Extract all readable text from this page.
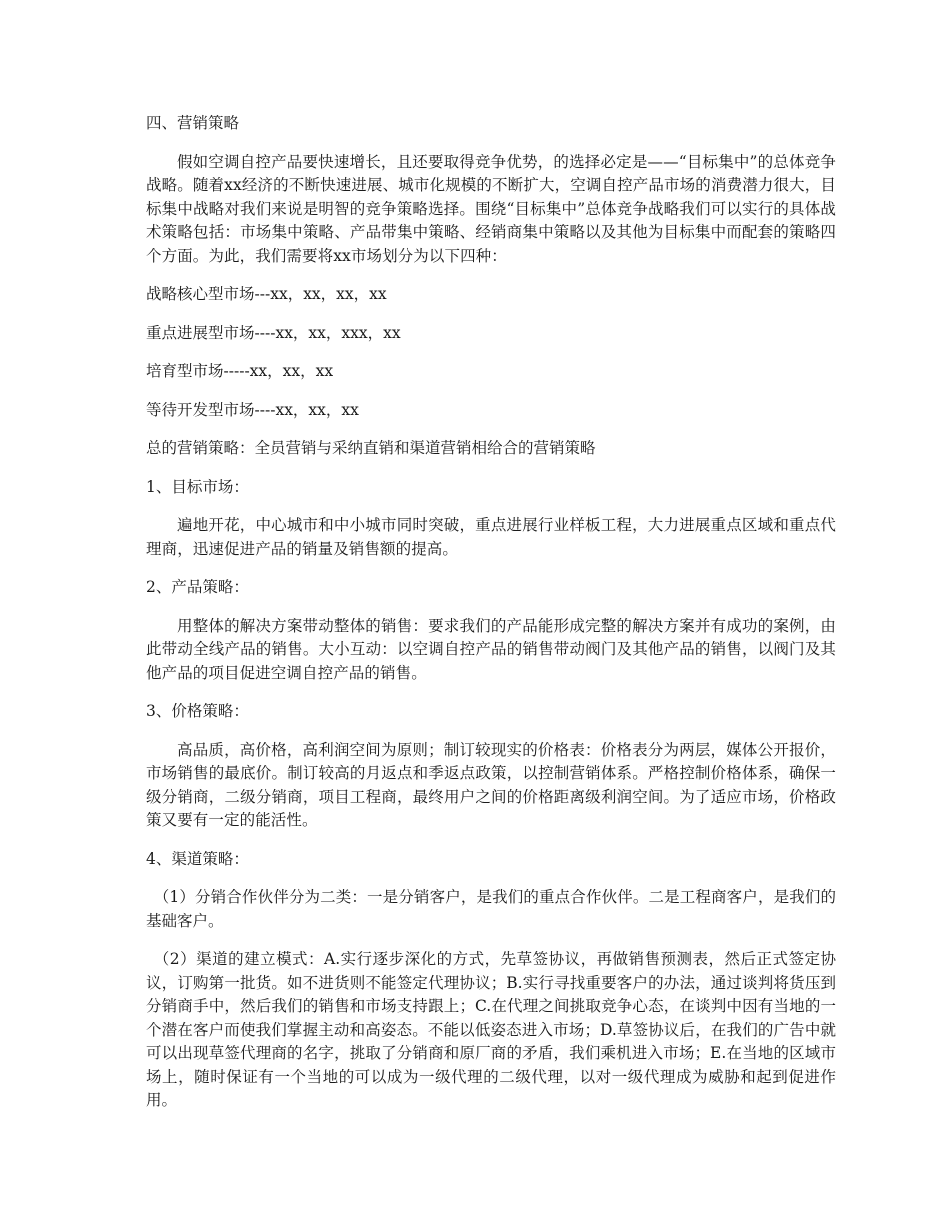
四、营销策略

假如空调自控产品要快速增长，且还要取得竞争优势，的选择必定是——“目标集中”的总体竞争战略。随着xx经济的不断快速进展、城市化规模的不断扩大，空调自控产品市场的消费潜力很大，目标集中战略对我们来说是明智的竞争策略选择。围绕“目标集中”总体竞争战略我们可以实行的具体战术策略包括：市场集中策略、产品带集中策略、经销商集中策略以及其他为目标集中而配套的策略四个方面。为此，我们需要将xx市场划分为以下四种：

战略核心型市场---xx，xx，xx，xx

重点进展型市场----xx，xx，xxx，xx

培育型市场-----xx，xx，xx

等待开发型市场----xx，xx，xx

总的营销策略：全员营销与采纳直销和渠道营销相给合的营销策略

1、目标市场：

遍地开花，中心城市和中小城市同时突破，重点进展行业样板工程，大力进展重点区域和重点代理商，迅速促进产品的销量及销售额的提高。

2、产品策略：

用整体的解决方案带动整体的销售：要求我们的产品能形成完整的解决方案并有成功的案例，由此带动全线产品的销售。大小互动：以空调自控产品的销售带动阀门及其他产品的销售，以阀门及其他产品的项目促进空调自控产品的销售。

3、价格策略：

高品质，高价格，高利润空间为原则；制订较现实的价格表：价格表分为两层，媒体公开报价，市场销售的最底价。制订较高的月返点和季返点政策，以控制营销体系。严格控制价格体系，确保一级分销商，二级分销商，项目工程商，最终用户之间的价格距离级利润空间。为了适应市场，价格政策又要有一定的能活性。

4、渠道策略：

（1）分销合作伙伴分为二类：一是分销客户，是我们的重点合作伙伴。二是工程商客户，是我们的基础客户。

（2）渠道的建立模式：A.实行逐步深化的方式，先草签协议，再做销售预测表，然后正式签定协议，订购第一批货。如不进货则不能签定代理协议；B.实行寻找重要客户的办法，通过谈判将货压到分销商手中，然后我们的销售和市场支持跟上；C.在代理之间挑取竞争心态，在谈判中因有当地的一个潜在客户而使我们掌握主动和高姿态。不能以低姿态进入市场；D.草签协议后，在我们的广告中就可以出现草签代理商的名字，挑取了分销商和原厂商的矛盾，我们乘机进入市场；E.在当地的区域市场上，随时保证有一个当地的可以成为一级代理的二级代理，以对一级代理成为威胁和起到促进作用。
